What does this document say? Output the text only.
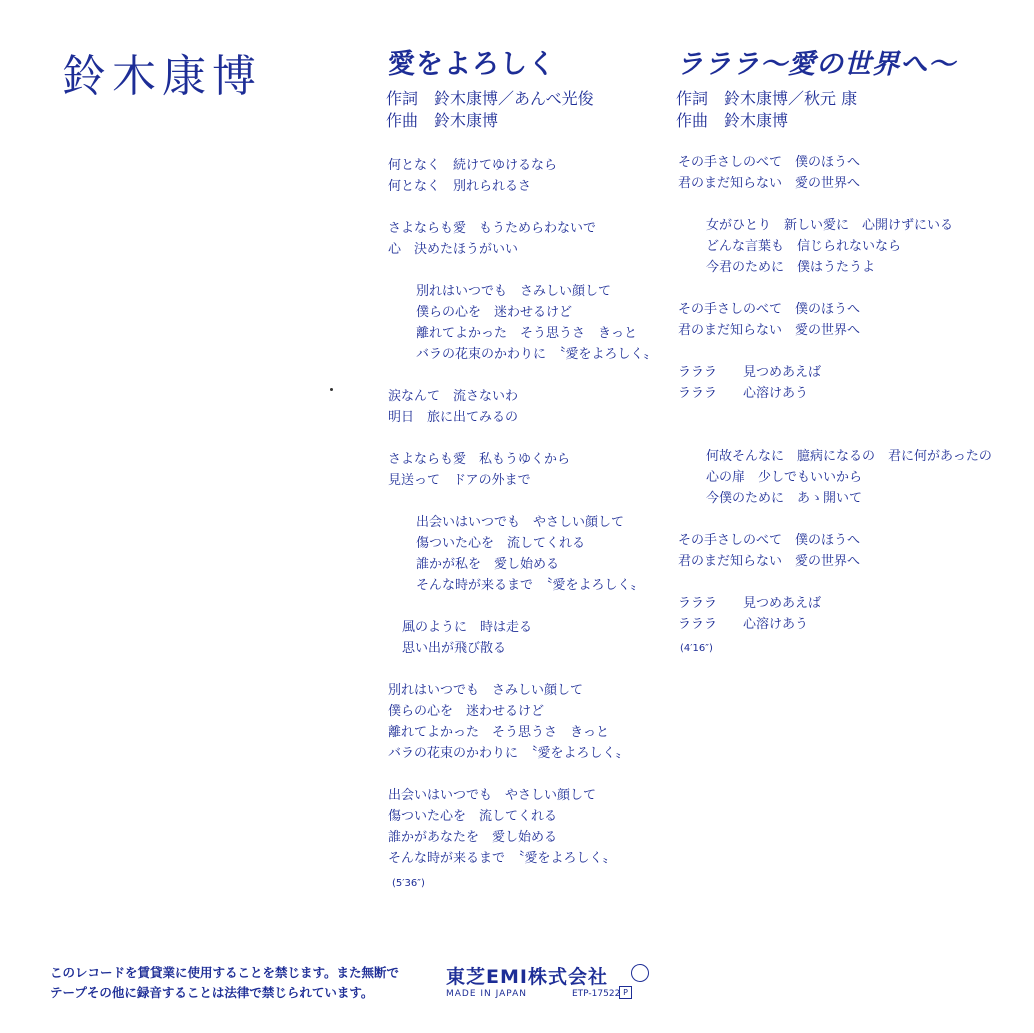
鈴木康博	愛をよろしく
作詞　鈴木康博／あんべ光俊
作曲　鈴木康博
何となく　続けてゆけるなら
何となく　別れられるさ
さよならも愛　もうためらわないで
心　決めたほうがいい
別れはいつでも　さみしい顔して
僕らの心を　迷わせるけど
離れてよかった　そう思うさ　きっと
バラの花束のかわりに　〝愛をよろしく〟
涙なんて　流さないわ
明日　旅に出てみるの
さよならも愛　私もうゆくから
見送って　ドアの外まで
出会いはいつでも　やさしい顔して
傷ついた心を　流してくれる
誰かが私を　愛し始める
そんな時が来るまで　〝愛をよろしく〟
風のように　時は走る
思い出が飛び散る
別れはいつでも　さみしい顔して
僕らの心を　迷わせるけど
離れてよかった　そう思うさ　きっと
バラの花束のかわりに　〝愛をよろしく〟
出会いはいつでも　やさしい顔して
傷ついた心を　流してくれる
誰かがあなたを　愛し始める
そんな時が来るまで　〝愛をよろしく〟
(5′36″)
ラララ〜愛の世界へ〜
作詞　鈴木康博／秋元 康
作曲　鈴木康博
その手さしのべて　僕のほうへ
君のまだ知らない　愛の世界へ
女がひとり　新しい愛に　心開けずにいる
どんな言葉も　信じられないなら
今君のために　僕はうたうよ
その手さしのべて　僕のほうへ
君のまだ知らない　愛の世界へ
ラララ　　見つめあえば
ラララ　　心溶けあう
何故そんなに　臆病になるの　君に何があったの
心の扉　少しでもいいから
今僕のために　あゝ開いて
その手さしのべて　僕のほうへ
君のまだ知らない　愛の世界へ
ラララ　　見つめあえば
ラララ　　心溶けあう
(4′16″)
このレコードを賃貸業に使用することを禁じます。また無断で
テープその他に録音することは法律で禁じられています。
東芝EMI株式会社
MADE IN JAPAN	ETP-17522 P
